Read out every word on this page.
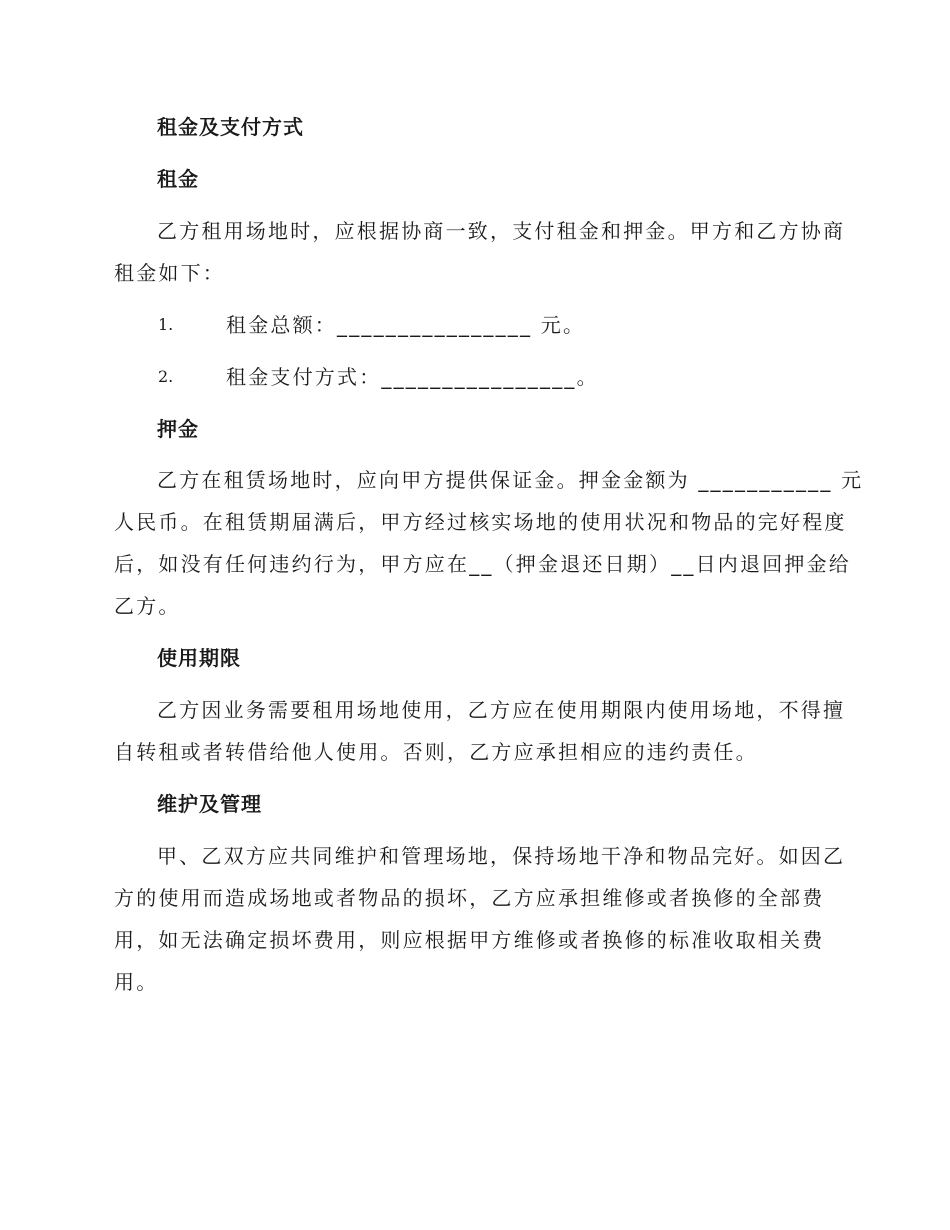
租金及支付方式
租金
乙方租用场地时，应根据协商一致，支付租金和押金。甲方和乙方协商
租金如下：
1.	租金总额：________________ 元。
2.	租金支付方式：________________。
押金
乙方在租赁场地时，应向甲方提供保证金。押金金额为 ___________ 元
人民币。在租赁期届满后，甲方经过核实场地的使用状况和物品的完好程度
后，如没有任何违约行为，甲方应在__（押金退还日期）__日内退回押金给
乙方。
使用期限
乙方因业务需要租用场地使用，乙方应在使用期限内使用场地，不得擅
自转租或者转借给他人使用。否则，乙方应承担相应的违约责任。
维护及管理
甲、乙双方应共同维护和管理场地，保持场地干净和物品完好。如因乙
方的使用而造成场地或者物品的损坏，乙方应承担维修或者换修的全部费
用，如无法确定损坏费用，则应根据甲方维修或者换修的标准收取相关费
用。
